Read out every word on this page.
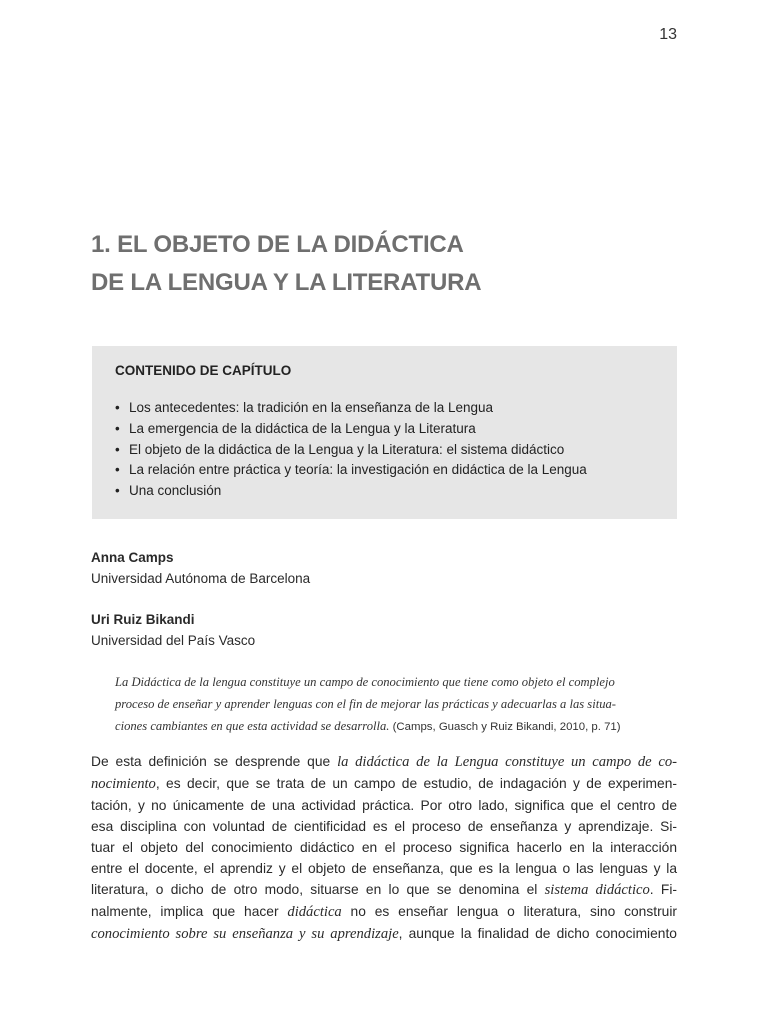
13
1. EL OBJETO DE LA DIDÁCTICA
DE LA LENGUA Y LA LITERATURA
CONTENIDO DE CAPÍTULO
• Los antecedentes: la tradición en la enseñanza de la Lengua
• La emergencia de la didáctica de la Lengua y la Literatura
• El objeto de la didáctica de la Lengua y la Literatura: el sistema didáctico
• La relación entre práctica y teoría: la investigación en didáctica de la Lengua
• Una conclusión
Anna Camps
Universidad Autónoma de Barcelona
Uri Ruiz Bikandi
Universidad del País Vasco
La Didáctica de la lengua constituye un campo de conocimiento que tiene como objeto el complejo
proceso de enseñar y aprender lenguas con el fin de mejorar las prácticas y adecuarlas a las situa-
ciones cambiantes en que esta actividad se desarrolla. (Camps, Guasch y Ruiz Bikandi, 2010, p. 71)

De esta definición se desprende que la didáctica de la Lengua constituye un campo de co-
nocimiento, es decir, que se trata de un campo de estudio, de indagación y de experimen-
tación, y no únicamente de una actividad práctica. Por otro lado, significa que el centro de
esa disciplina con voluntad de cientificidad es el proceso de enseñanza y aprendizaje. Si-
tuar el objeto del conocimiento didáctico en el proceso significa hacerlo en la interacción
entre el docente, el aprendiz y el objeto de enseñanza, que es la lengua o las lenguas y la
literatura, o dicho de otro modo, situarse en lo que se denomina el sistema didáctico. Fi-
nalmente, implica que hacer didáctica no es enseñar lengua o literatura, sino construir
conocimiento sobre su enseñanza y su aprendizaje, aunque la finalidad de dicho conocimiento
